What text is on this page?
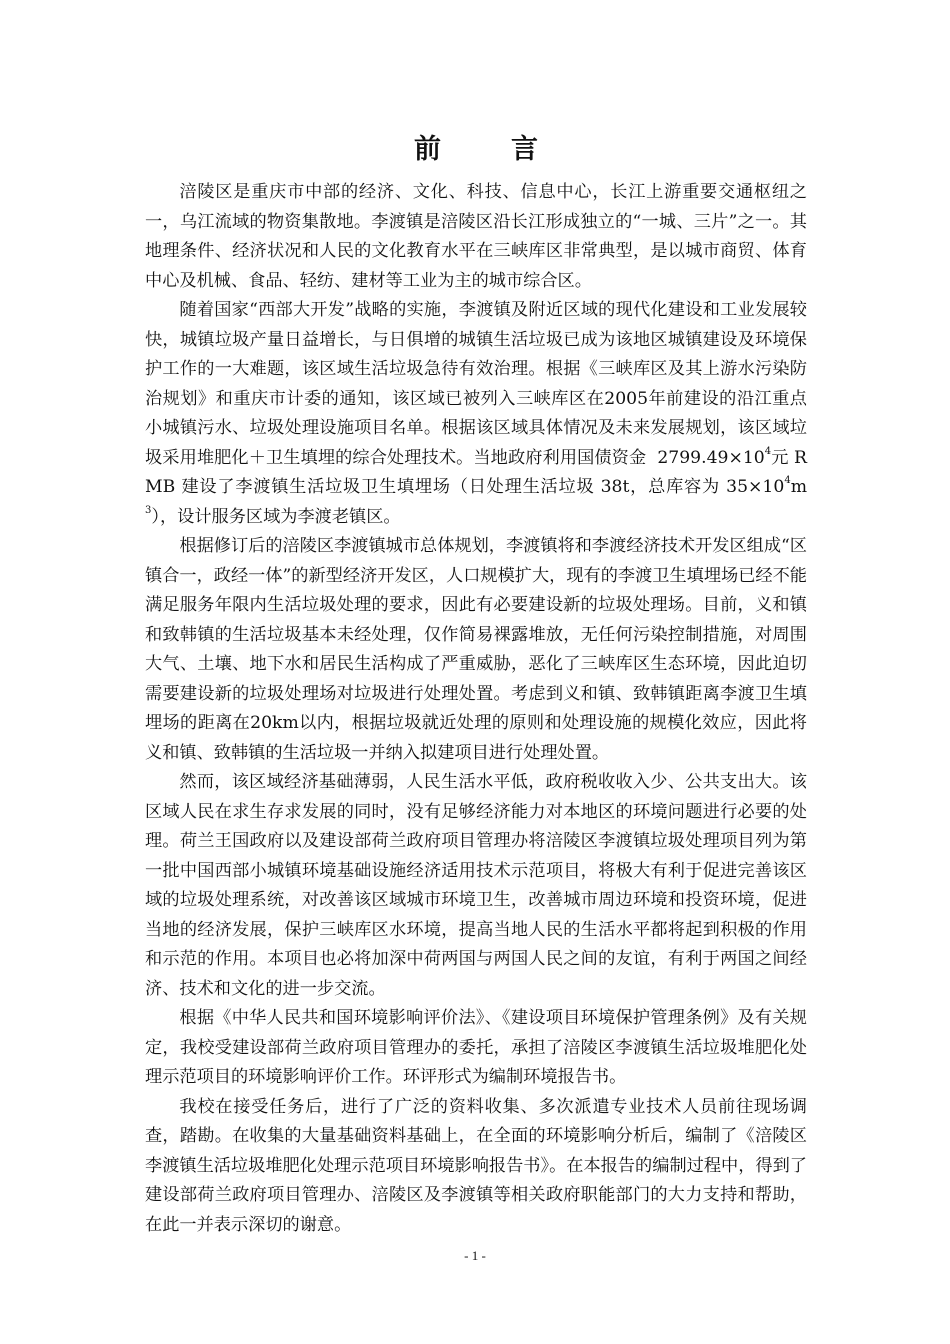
前言

涪陵区是重庆市中部的经济、文化、科技、信息中心，长江上游重要交通枢纽之一，乌江流域的物资集散地。李渡镇是涪陵区沿长江形成独立的“一城、三片”之一。其地理条件、经济状况和人民的文化教育水平在三峡库区非常典型，是以城市商贸、体育中心及机械、食品、轻纺、建材等工业为主的城市综合区。

随着国家“西部大开发”战略的实施，李渡镇及附近区域的现代化建设和工业发展较快，城镇垃圾产量日益增长，与日俱增的城镇生活垃圾已成为该地区城镇建设及环境保护工作的一大难题，该区域生活垃圾急待有效治理。根据《三峡库区及其上游水污染防治规划》和重庆市计委的通知，该区域已被列入三峡库区在2005年前建设的沿江重点小城镇污水、垃圾处理设施项目名单。根据该区域具体情况及未来发展规划，该区域垃圾采用堆肥化＋卫生填埋的综合处理技术。当地政府利用国债资金 $2799.49\times 10^4$元 RMB 建设了李渡镇生活垃圾卫生填埋场（日处理生活垃圾 38t，总库容为 $35\times 10^4m^3$），设计服务区域为李渡老镇区。

根据修订后的涪陵区李渡镇城市总体规划，李渡镇将和李渡经济技术开发区组成“区镇合一，政经一体”的新型经济开发区，人口规模扩大，现有的李渡卫生填埋场已经不能满足服务年限内生活垃圾处理的要求，因此有必要建设新的垃圾处理场。目前，义和镇和致韩镇的生活垃圾基本未经处理，仅作简易裸露堆放，无任何污染控制措施，对周围大气、土壤、地下水和居民生活构成了严重威胁，恶化了三峡库区生态环境，因此迫切需要建设新的垃圾处理场对垃圾进行处理处置。考虑到义和镇、致韩镇距离李渡卫生填埋场的距离在20km以内，根据垃圾就近处理的原则和处理设施的规模化效应，因此将义和镇、致韩镇的生活垃圾一并纳入拟建项目进行处理处置。

然而，该区域经济基础薄弱，人民生活水平低，政府税收收入少、公共支出大。该区域人民在求生存求发展的同时，没有足够经济能力对本地区的环境问题进行必要的处理。荷兰王国政府以及建设部荷兰政府项目管理办将涪陵区李渡镇垃圾处理项目列为第一批中国西部小城镇环境基础设施经济适用技术示范项目，将极大有利于促进完善该区域的垃圾处理系统，对改善该区域城市环境卫生，改善城市周边环境和投资环境，促进当地的经济发展，保护三峡库区水环境，提高当地人民的生活水平都将起到积极的作用和示范的作用。本项目也必将加深中荷两国与两国人民之间的友谊，有利于两国之间经济、技术和文化的进一步交流。

根据《中华人民共和国环境影响评价法》、《建设项目环境保护管理条例》及有关规定，我校受建设部荷兰政府项目管理办的委托，承担了涪陵区李渡镇生活垃圾堆肥化处理示范项目的环境影响评价工作。环评形式为编制环境报告书。

我校在接受任务后，进行了广泛的资料收集、多次派遣专业技术人员前往现场调查，踏勘。在收集的大量基础资料基础上，在全面的环境影响分析后，编制了《涪陵区李渡镇生活垃圾堆肥化处理示范项目环境影响报告书》。在本报告的编制过程中，得到了建设部荷兰政府项目管理办、涪陵区及李渡镇等相关政府职能部门的大力支持和帮助，在此一并表示深切的谢意。

- 1 -
